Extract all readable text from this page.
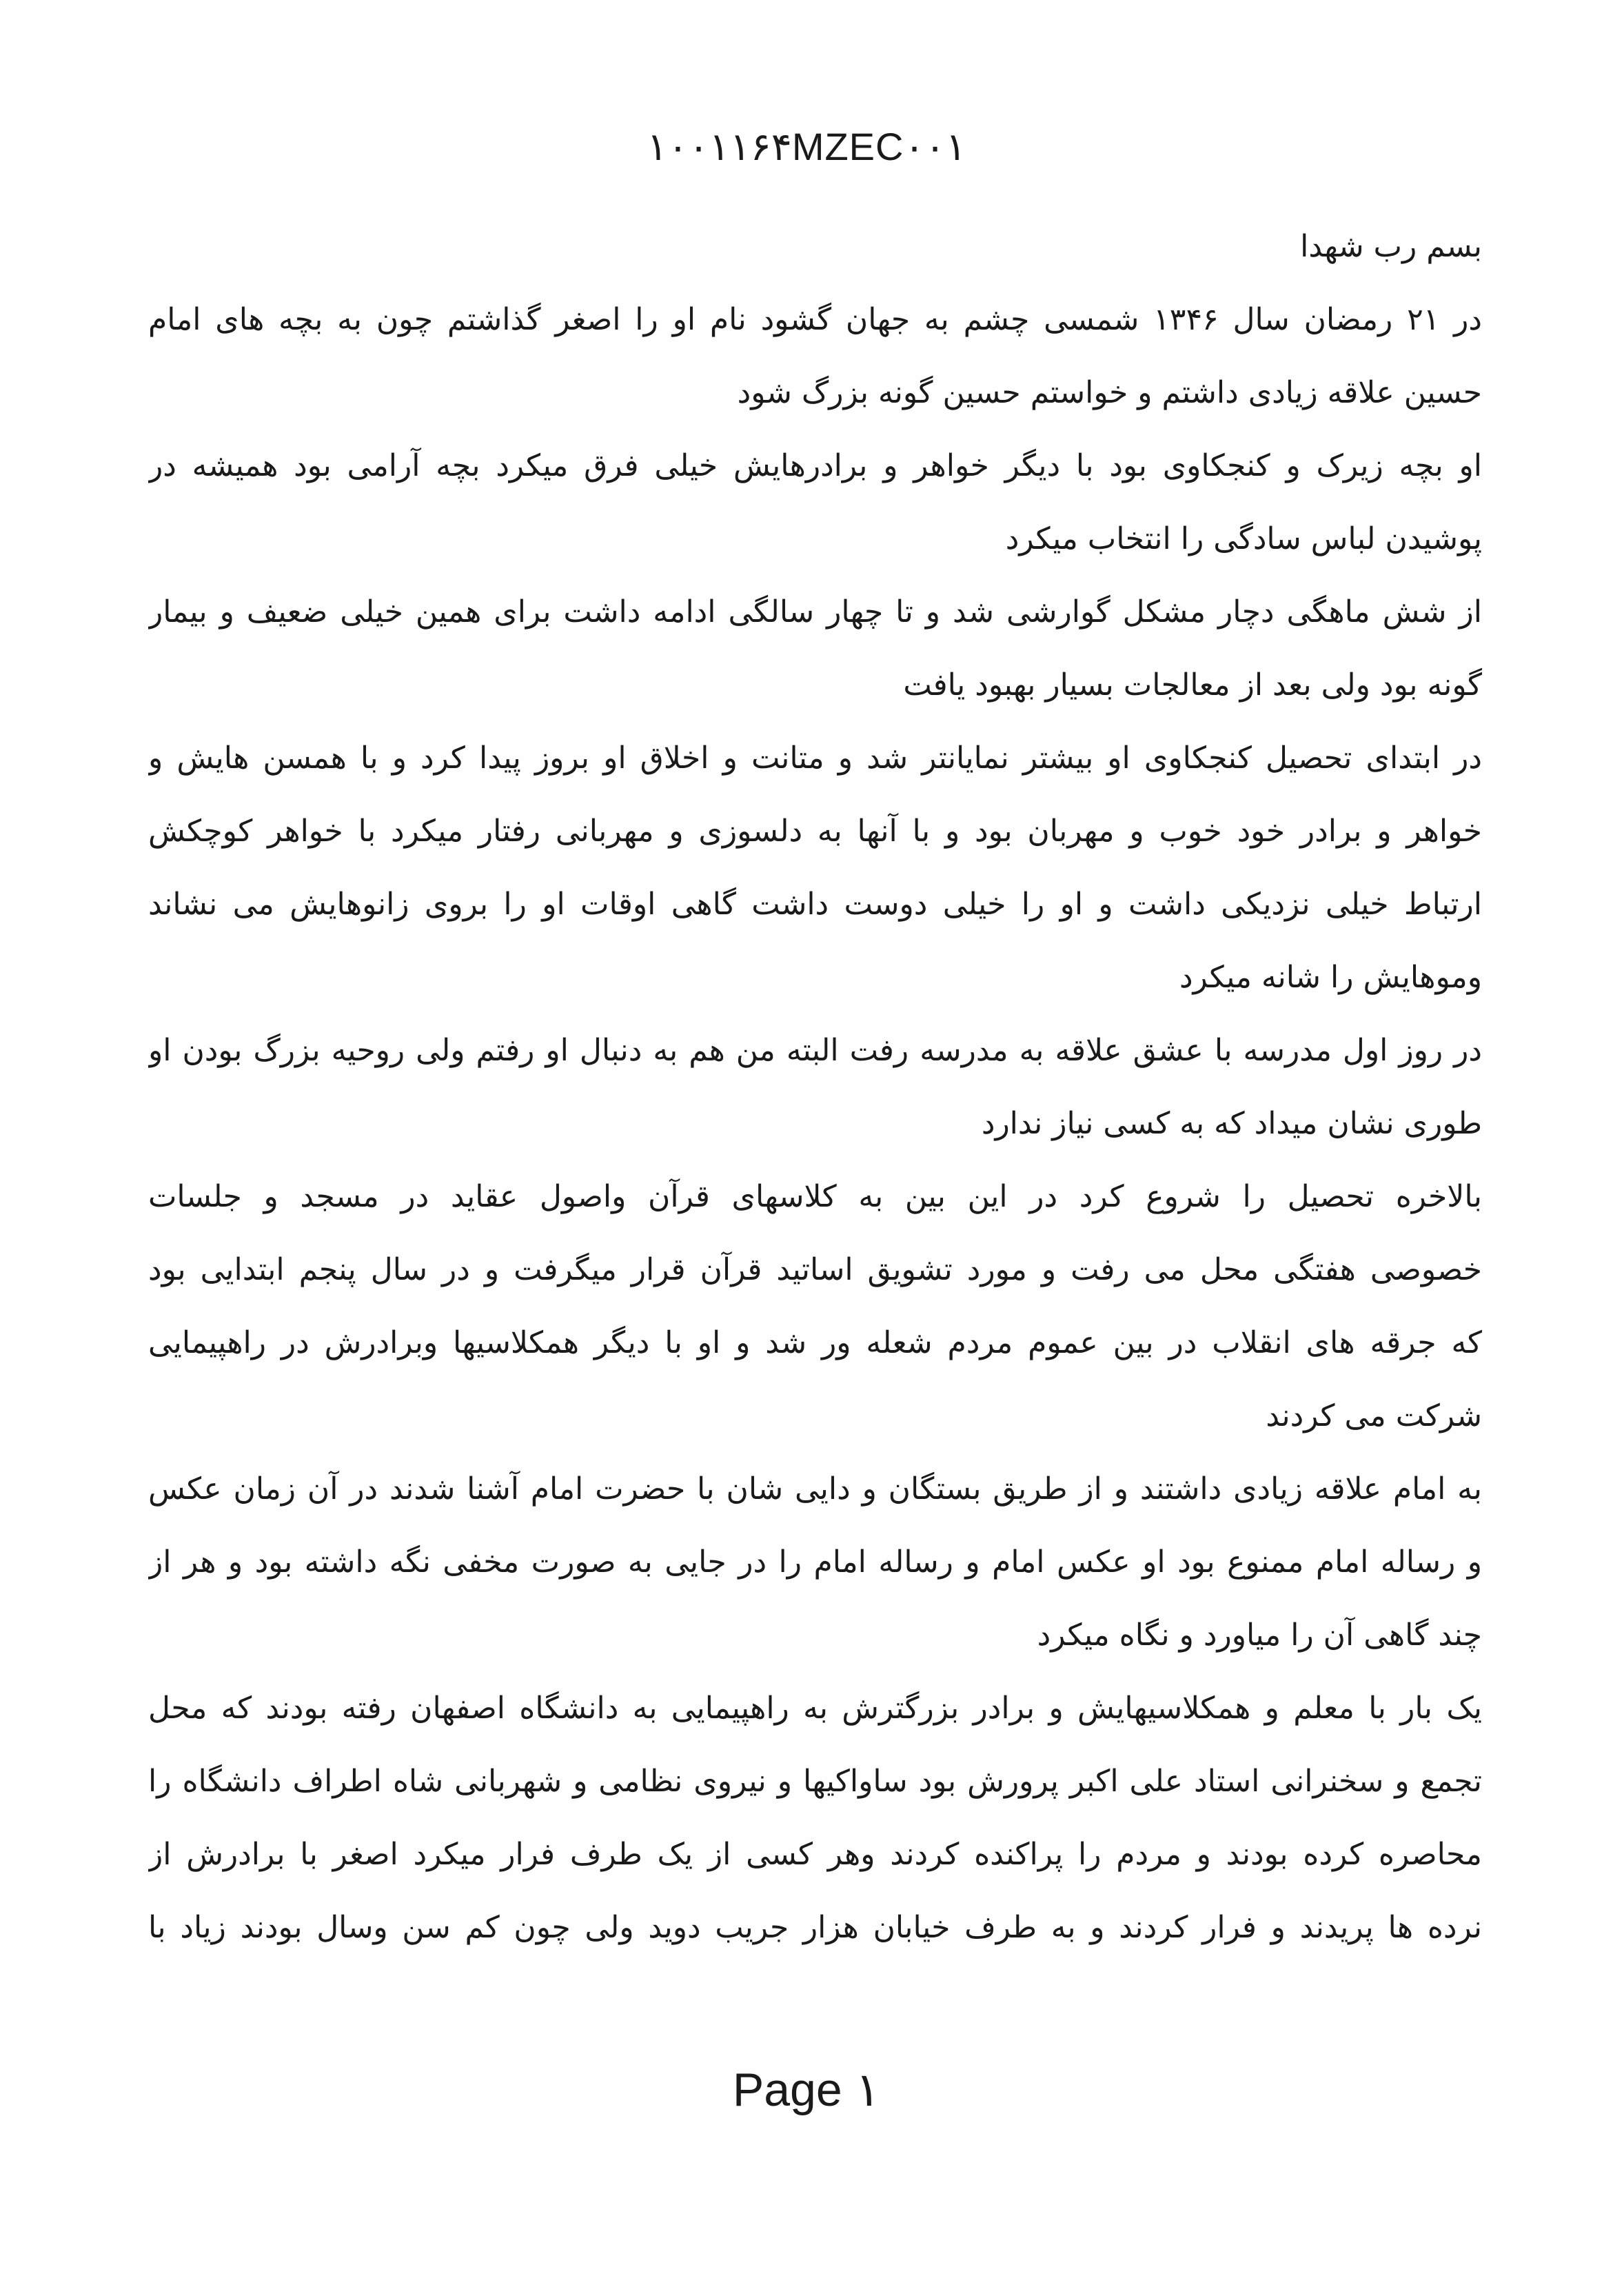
۱۰۰۱۱۶۴MZEC۰۰۱
بسم رب شهدا
در ۲۱ رمضان سال ۱۳۴۶ شمسی چشم به جهان گشود نام او را اصغر گذاشتم چون به بچه های امام
حسین علاقه زیادی داشتم و خواستم حسین گونه بزرگ شود
او بچه زیرک و کنجکاوی بود با دیگر خواهر و برادرهایش خیلی فرق میکرد بچه آرامی بود همیشه در
پوشیدن لباس سادگی را انتخاب میکرد
از شش ماهگی دچار مشکل گوارشی شد و تا چهار سالگی ادامه داشت برای همین خیلی ضعیف و بیمار
گونه بود ولی بعد از معالجات بسیار بهبود یافت
در ابتدای تحصیل کنجکاوی او بیشتر نمایانتر شد و متانت و اخلاق او بروز پیدا کرد و با همسن هایش و
خواهر و برادر خود خوب و مهربان بود و با آنها به دلسوزی و مهربانی رفتار میکرد با خواهر کوچکش
ارتباط خیلی نزدیکی داشت و او را خیلی دوست داشت گاهی اوقات او را بروی زانوهایش می نشاند
وموهایش را شانه میکرد
در روز اول مدرسه با عشق علاقه به مدرسه رفت البته من هم به دنبال او رفتم ولی روحیه بزرگ بودن او
طوری نشان میداد که به کسی نیاز ندارد
بالاخره تحصیل را شروع کرد در این بین به کلاسهای قرآن واصول عقاید در مسجد و جلسات
خصوصی هفتگی محل می رفت و مورد تشویق اساتید قرآن قرار میگرفت و در سال پنجم ابتدایی بود
که جرقه های انقلاب در بین عموم مردم شعله ور شد و او با دیگر همکلاسیها وبرادرش در راهپیمایی
شرکت می کردند
به امام علاقه زیادی داشتند و از طریق بستگان و دایی شان با حضرت امام آشنا شدند در آن زمان عکس
و رساله امام ممنوع بود او عکس امام و رساله امام را در جایی به صورت مخفی نگه داشته بود و هر از
چند گاهی آن را میاورد و نگاه میکرد
یک بار با معلم و همکلاسیهایش و برادر بزرگترش به راهپیمایی به دانشگاه اصفهان رفته بودند که محل
تجمع و سخنرانی استاد علی اکبر پرورش بود ساواکیها و نیروی نظامی و شهربانی شاه اطراف دانشگاه را
محاصره کرده بودند و مردم را پراکنده کردند وهر کسی از یک طرف فرار میکرد اصغر با برادرش از
نرده ها پریدند و فرار کردند و به طرف خیابان هزار جریب دوید ولی چون کم سن وسال بودند زیاد با
Page ۱
